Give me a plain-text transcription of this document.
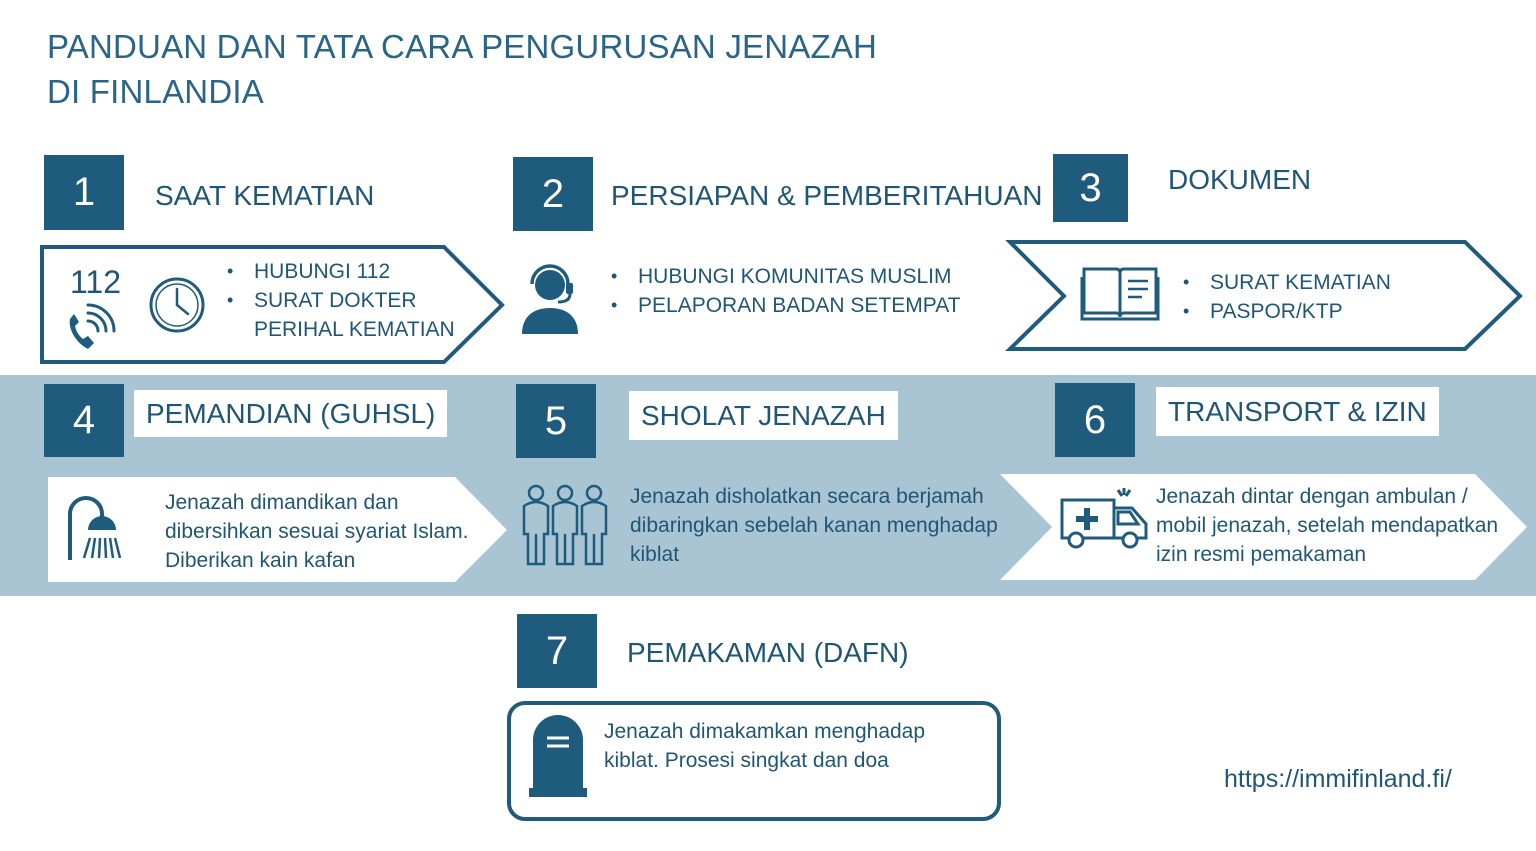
PANDUAN DAN TATA CARA PENGURUSAN JENAZAH
DI FINLANDIA
1	SAAT KEMATIAN
112
•	HUBUNGI 112
• SURAT DOKTER
PERIHAL KEMATIAN
2	PERSIAPAN & PEMBERITAHUAN
• HUBUNGI KOMUNITAS MUSLIM
• PELAPORAN BADAN SETEMPAT
3	DOKUMEN
• SURAT KEMATIAN
• PASPOR/KTP
4	PEMANDIAN (GUHSL)
Jenazah dimandikan dan
dibersihkan sesuai syariat Islam.
Diberikan kain kafan
5	SHOLAT JENAZAH
Jenazah disholatkan secara berjamah
dibaringkan sebelah kanan menghadap
kiblat
6	TRANSPORT & IZIN
Jenazah dintar dengan ambulan /
mobil jenazah, setelah mendapatkan
izin resmi pemakaman
7	PEMAKAMAN (DAFN)
Jenazah dimakamkan menghadap
kiblat. Prosesi singkat dan doa
https://immifinland.fi/
